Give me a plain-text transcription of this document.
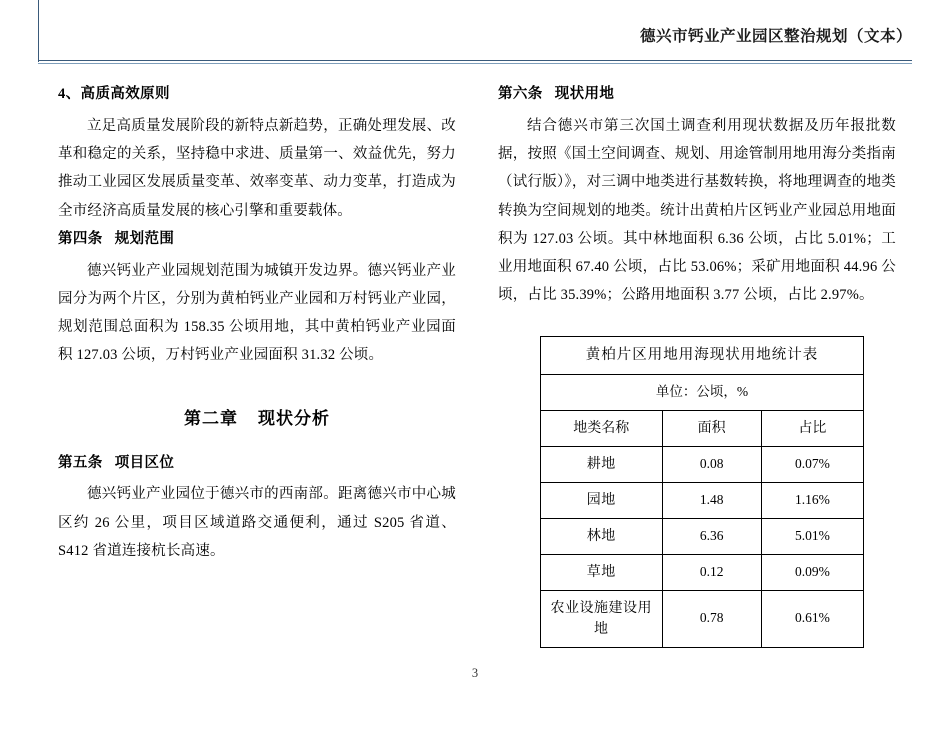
德兴市钙业产业园区整治规划（文本）
4、高质高效原则

立足高质量发展阶段的新特点新趋势，正确处理发展、改革和稳定的关系，坚持稳中求进、质量第一、效益优先，努力推动工业园区发展质量变革、效率变革、动力变革，打造成为全市经济高质量发展的核心引擎和重要载体。

第四条 规划范围

德兴钙业产业园规划范围为城镇开发边界。德兴钙业产业园分为两个片区，分别为黄柏钙业产业园和万村钙业产业园，规划范围总面积为 158.35 公顷用地，其中黄柏钙业产业园面积 127.03 公顷，万村钙业产业园面积 31.32 公顷。

第二章 现状分析
第五条 项目区位

德兴钙业产业园位于德兴市的西南部。距离德兴市中心城区约 26 公里，项目区域道路交通便利，通过 S205 省道、S412 省道连接杭长高速。

第六条 现状用地

结合德兴市第三次国土调查利用现状数据及历年报批数据，按照《国土空间调查、规划、用途管制用地用海分类指南（试行版）》，对三调中地类进行基数转换，将地理调查的地类转换为空间规划的地类。统计出黄柏片区钙业产业园总用地面积为 127.03 公顷。其中林地面积 6.36 公顷，占比 5.01%；工业用地面积 67.40 公顷，占比 53.06%；采矿用地面积 44.96 公顷，占比 35.39%；公路用地面积 3.77 公顷，占比 2.97%。

黄柏片区用地用海现状用地统计表		
单位：公顷，%		
地类名称	面积	占比
耕地	0.08	0.07%
园地	1.48	1.16%
林地	6.36	5.01%
草地	0.12	0.09%
农业设施建设用地	0.78	0.61%
3
